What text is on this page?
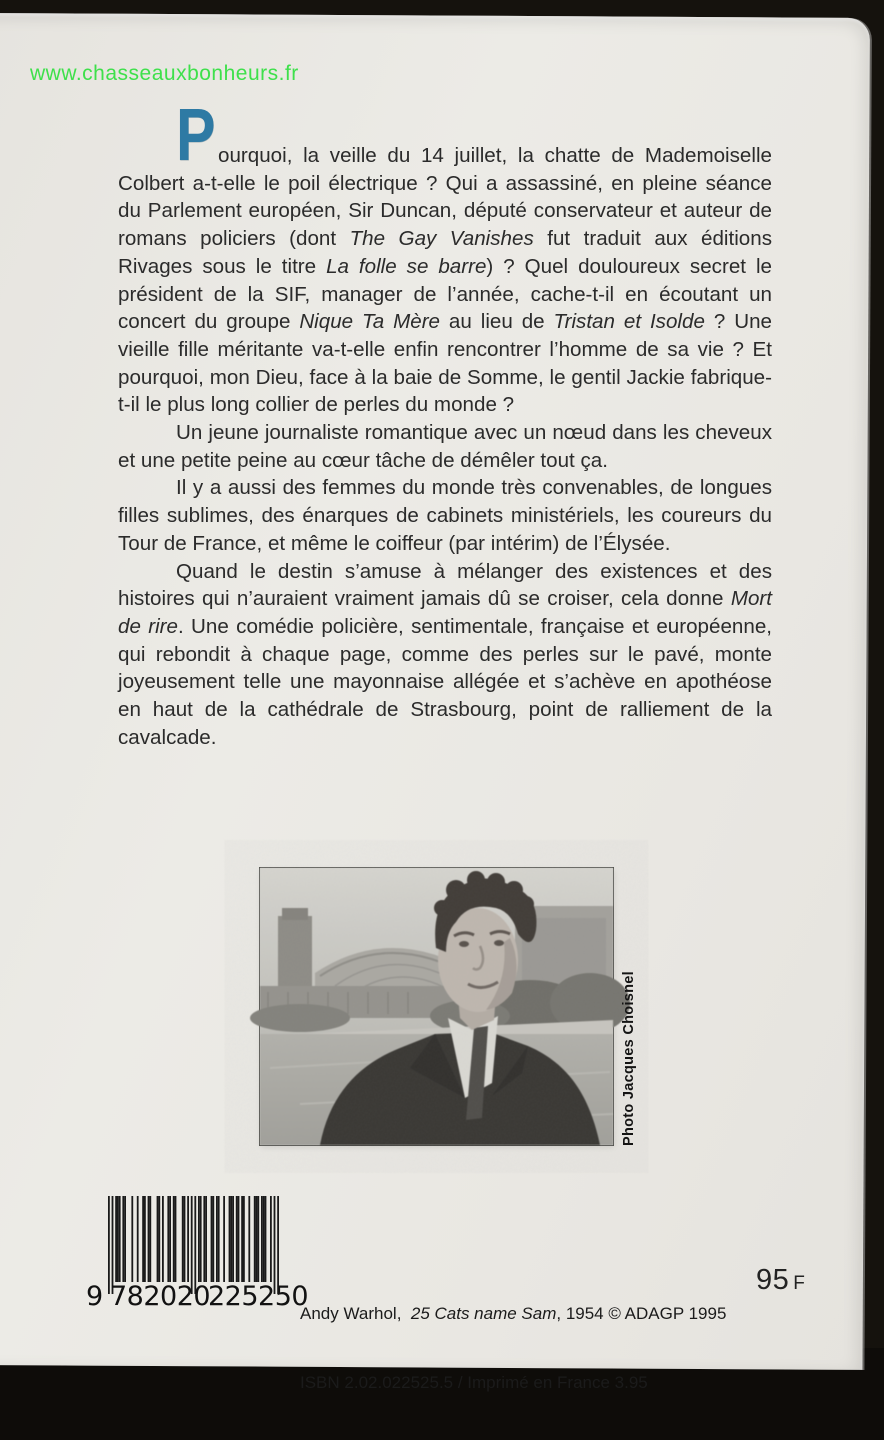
www.chasseauxbonheurs.fr
P ourquoi, la veille du 14 juillet, la chatte de Mademoiselle Colbert a-t-elle le poil électrique ? Qui a assassiné, en pleine séance du Parlement européen, Sir Duncan, député conservateur et auteur de romans policiers (dont The Gay Vanishes fut traduit aux éditions Rivages sous le titre La folle se barre) ? Quel douloureux secret le président de la SIF, manager de l’année, cache-t-il en écoutant un concert du groupe Nique Ta Mère au lieu de Tristan et Isolde ? Une vieille fille méritante va-t-elle enfin rencontrer l’homme de sa vie ? Et pourquoi, mon Dieu, face à la baie de Somme, le gentil Jackie fabrique-t-il le plus long collier de perles du monde ?

Un jeune journaliste romantique avec un nœud dans les cheveux et une petite peine au cœur tâche de démêler tout ça.

Il y a aussi des femmes du monde très convenables, de longues filles sublimes, des énarques de cabinets ministériels, les coureurs du Tour de France, et même le coiffeur (par intérim) de l’Élysée.

Quand le destin s’amuse à mélanger des existences et des histoires qui n’auraient vraiment jamais dû se croiser, cela donne Mort de rire. Une comédie policière, sentimentale, française et européenne, qui rebondit à chaque page, comme des perles sur le pavé, monte joyeusement telle une mayonnaise allégée et s’achève en apothéose en haut de la cathédrale de Strasbourg, point de ralliement de la cavalcade.

Photo Jacques Choisnel
9 782020
225250

Andy Warhol,  25 Cats name Sam, 1954 © ADAGP 1995

ISBN 2.02.022525.5 / Imprimé en France 3.95

95 F
